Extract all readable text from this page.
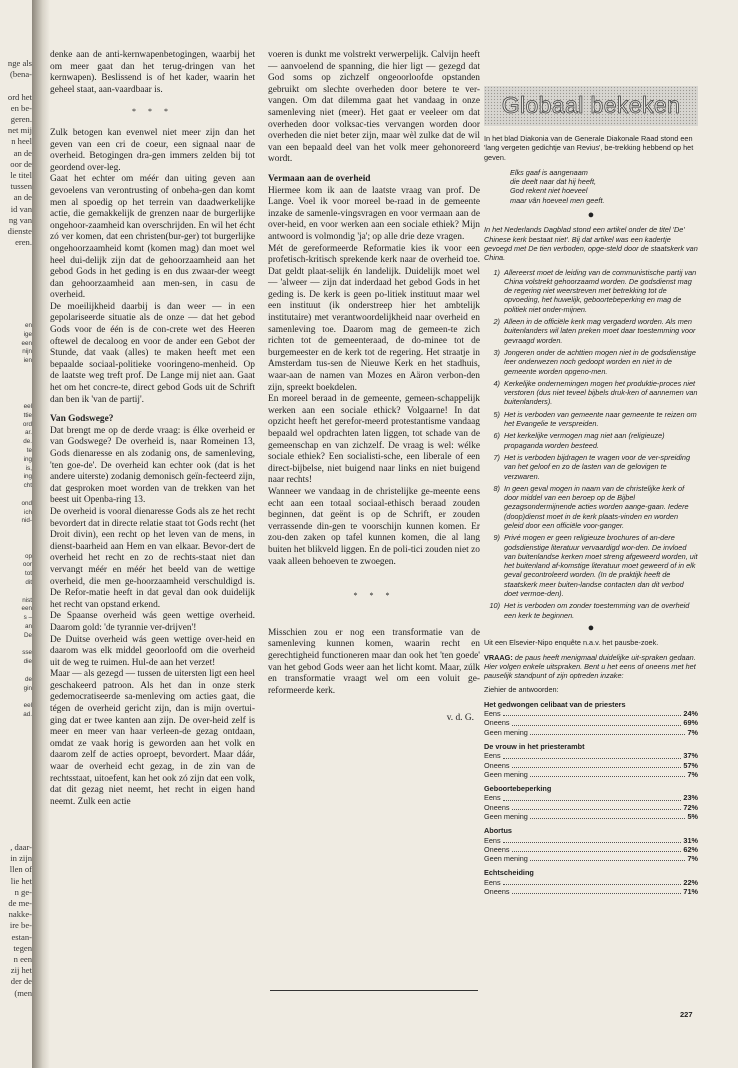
nge als
(bena-

ord het
en be-
geren.
net mij
n heel
an de
oor de
le titel
tussen
an de
id van
ng van
dienste
eren.
en
ige
een
nijn
ien
eel
ttie
ord
ar.
de.
te
ing
is,
ing
cht

ond
ich
nid-

op
oor
tot
dit

nist
een
s –
an
De

sse
die

de
gin

eel
ad.
, daar-
in zijn
llen of
lie het
n ge-
de me-
nakke-
ire be-
estan-
tegen
n een
zij het
der de
(men

denke aan de anti-kernwapenbetogingen, waarbij het om meer gaat dan het terug-dringen van het kernwapen). Beslissend is of het kader, waarin het geheel staat, aan-vaardbaar is.

* * *

Zulk betogen kan evenwel niet meer zijn dan het geven van een cri de coeur, een signaal naar de overheid. Betogingen dra-gen immers zelden bij tot geordend over-leg.

Gaat het echter om méér dan uiting geven aan gevoelens van verontrusting of onbeha-gen dan komt men al spoedig op het terrein van daadwerkelijke actie, die gemakkelijk de grenzen naar de burgerlijke ongehoor-zaamheid kan overschrijden. En wil het écht zó ver komen, dat een christen(bur-ger) tot burgerlijke ongehoorzaamheid komt (komen mag) dan moet wel heel dui-delijk zijn dat de gehoorzaamheid aan het gebod Gods in het geding is en dus zwaar-der weegt dan gehoorzaamheid aan men-sen, in casu de overheid.

De moeilijkheid daarbij is dan weer — in een gepolariseerde situatie als de onze — dat het gebod Gods voor de één is de con-crete wet des Heeren oftewel de decaloog en voor de ander een Gebot der Stunde, dat vaak (alles) te maken heeft met een bepaalde sociaal-politieke vooringeno-menheid. Op de laatste weg treft prof. De Lange mij niet aan. Gaat het om het concre-te, direct gebod Gods uit de Schrift dan ben ik 'van de partij'.

Van Godswege?

Dat brengt me op de derde vraag: is élke overheid er van Godswege? De overheid is, naar Romeinen 13, Gods dienaresse en als zodanig ons, de samenleving, 'ten goe-de'. De overheid kan echter ook (dat is het andere uiterste) zodanig demonisch geïn-fecteerd zijn, dat gesproken moet worden van de trekken van het beest uit Openba-ring 13.

De overheid is vooral dienaresse Gods als ze het recht bevordert dat in directe relatie staat tot Gods recht (het Droit divin), een recht op het leven van de mens, in dienst-baarheid aan Hem en van elkaar. Bevor-dert de overheid het recht en zo de rechts-staat niet dan vervangt méér en méér het beeld van de wettige overheid, die men ge-hoorzaamheid verschuldigd is. De Refor-matie heeft in dat geval dan ook duidelijk het recht van opstand erkend.

De Spaanse overheid wás geen wettige overheid. Daarom gold: 'de tyrannie ver-drijven'!

De Duitse overheid wás geen wettige over-heid en daarom was elk middel geoorloofd om die overheid uit de weg te ruimen. Hul-de aan het verzet!

Maar — als gezegd — tussen de uitersten ligt een heel geschakeerd patroon. Als het dan in onze sterk gedemocratiseerde sa-menleving om acties gaat, die tégen de overheid gericht zijn, dan is mijn overtui-ging dat er twee kanten aan zijn. De over-heid zelf is meer en meer van haar verleen-de gezag ontdaan, omdat ze vaak horig is geworden aan het volk en daarom zelf de acties oproept, bevordert. Maar dáár, waar de overheid echt gezag, in de zin van de rechtsstaat, uitoefent, kan het ook zó zijn dat een volk, dat dit gezag niet neemt, het recht in eigen hand neemt. Zulk een actie

voeren is dunkt me volstrekt verwerpelijk. Calvijn heeft — aanvoelend de spanning, die hier ligt — gezegd dat God soms op zichzelf ongeoorloofde opstanden gebruikt om slechte overheden door betere te ver-vangen. Om dat dilemma gaat het vandaag in onze samenleving niet (meer). Het gaat er veeleer om dat overheden door volksac-ties vervangen worden door overheden die niet beter zijn, maar wèl zulke dat de wil van een bepaald deel van het volk meer gehonoreerd wordt.

Vermaan aan de overheid

Hiermee kom ik aan de laatste vraag van prof. De Lange. Voel ik voor moreel be-raad in de gemeente inzake de samenle-vingsvragen en voor vermaan aan de over-heid, en voor werken aan een sociale ethiek? Mijn antwoord is volmondig 'ja'; op alle drie deze vragen.

Mét de gereformeerde Reformatie kies ik voor een profetisch-kritisch sprekende kerk naar de overheid toe. Dat geldt plaat-selijk én landelijk. Duidelijk moet wel — 'alweer — zijn dat inderdaad het gebod Gods in het geding is. De kerk is geen po-litiek instituut maar wel een instituut (ik onderstreep hier het ambtelijk institutaire) met verantwoordelijkheid naar overheid en samenleving toe. Daarom mag de gemeen-te zich richten tot de gemeenteraad, de do-minee tot de burgemeester en de kerk tot de regering. Het straatje in Amsterdam tus-sen de Nieuwe Kerk en het stadhuis, waar-aan de namen van Mozes en Aäron verbon-den zijn, spreekt boekdelen.

En moreel beraad in de gemeente, gemeen-schappelijk werken aan een sociale ethick? Volgaarne! In dat opzicht heeft het gerefor-meerd protestantisme vandaag bepaald wel opdrachten laten liggen, tot schade van de gemeenschap en van zichzelf. De vraag is wel: wélke sociale ethiek? Een socialisti-sche, een liberale of een direct-bijbelse, niet buigend naar links en niet buigend naar rechts!

Wanneer we vandaag in de christelijke ge-meente eens echt aan een totaal sociaal-ethisch beraad zouden beginnen, dat geënt is op de Schrift, er zouden verrassende din-gen te voorschijn kunnen komen. Er zou-den zaken op tafel kunnen komen, die al lang buiten het blikveld liggen. En de poli-tici zouden niet zo vaak alleen behoeven te zwoegen.

* * *

Misschien zou er nog een transformatie van de samenleving kunnen komen, waarin recht en gerechtigheid functioneren maar dan ook het 'ten goede' van het gebod Gods weer aan het licht komt. Maar, zúlk en transformatie vraagt wel om een voluit ge-reformeerde kerk.

v. d. G.
Globaal bekeken

In het blad Diakonia van de Generale Diakonale Raad stond een 'lang vergeten gedichtje van Revius', be-trekking hebbend op het geven.

Elks gaaf is aangenaam
die deelt naar dat hij heeft,
God rekent niet hoeveel
maar vân hoeveel men geeft.
●

In het Nederlands Dagblad stond een artikel onder de titel 'De' Chinese kerk bestaat niet'. Bij dat artikel was een kadertje gevoegd met De tien verboden, opge-steld door de staatskerk van China.

1) Allereerst moet de leiding van de communistische partij van China volstrekt gehoorzaamd worden. De godsdienst mag de regering niet weerstreven met betrekking tot de opvoeding, het huwelijk, geboortebeperking en mag de politiek niet onder-mijnen.
2) Alleen in de officiële kerk mag vergaderd worden. Als men buitenlanders wil laten preken moet daar toestemming voor gevraagd worden.
3) Jongeren onder de achttien mogen niet in de godsdienstige leer onderwezen noch gedoopt worden en niet in de gemeente worden opgeno-men.
4) Kerkelijke ondernemingen mogen het produktie-proces niet verstoren (dus niet teveel bijbels druk-ken of aannemen van buitenlanders).
5) Het is verboden van gemeente naar gemeente te reizen om het Evangelie te verspreiden.
6) Het kerkelijke vermogen mag niet aan (religieuze) propaganda worden besteed.
7) Het is verboden bijdragen te vragen voor de ver-spreiding van het geloof en zo de lasten van de gelovigen te verzwaren.
8) In geen geval mogen in naam van de christelijke kerk of door middel van een beroep op de Bijbel gezagsondermijnende acties worden aange-gaan. Iedere (doop)dienst moet in de kerk plaats-vinden en worden geleid door een officiële voor-ganger.
9) Privé mogen er geen religieuze brochures of an-dere godsdienstige literatuur vervaardigd wor-den. De invloed van buitenlandse kerken moet streng afgeweerd worden, uit het buitenland af-komstige literatuur moet geweerd of in elk geval gecontroleerd worden. (In de praktijk heeft de staatskerk meer buiten-landse contacten dan dit verbod doet vermoe-den).
10) Het is verboden om zonder toestemming van de overheid een kerk te beginnen.
●

Uit een Elsevier-Nipo enquête n.a.v. het pausbe-zoek.

VRAAG: de paus heeft menigmaal duidelijke uit-spraken gedaan. Hier volgen enkele uitspraken. Bent u het eens of oneens met het pauselijk standpunt of zijn optreden inzake:

Ziehier de antwoorden:

Het gedwongen celibaat van de priesters
Eens	24%
Oneens	69%
Geen mening	7%
De vrouw in het priesterambt
Eens	37%
Oneens	57%
Geen mening	7%
Geboortebeperking
Eens	23%
Oneens	72%
Geen mening	5%
Abortus
Eens	31%
Oneens	62%
Geen mening	7%
Echtscheiding
Eens	22%
Oneens	71%
227
